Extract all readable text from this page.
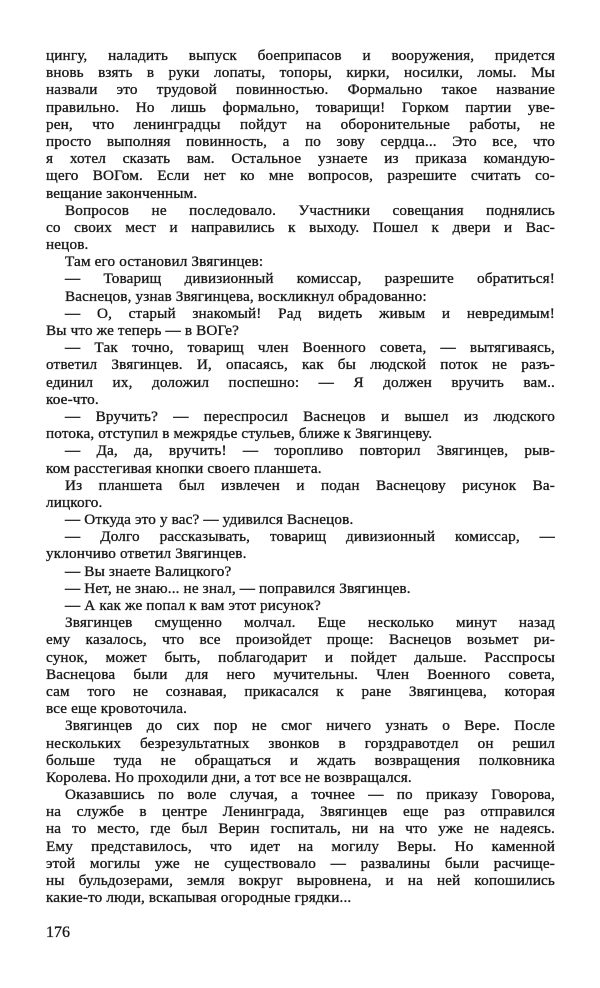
цингу, наладить выпуск боеприпасов и вооружения, придется
вновь взять в руки лопаты, топоры, кирки, носилки, ломы. Мы
назвали это трудовой повинностью. Формально такое название
правильно. Но лишь формально, товарищи! Горком партии уве-
рен, что ленинградцы пойдут на оборонительные работы, не
просто выполняя повинность, а по зову сердца... Это все, что
я хотел сказать вам. Остальное узнаете из приказа командую-
щего ВОГом. Если нет ко мне вопросов, разрешите считать со-
вещание законченным.
Вопросов не последовало. Участники совещания поднялись
со своих мест и направились к выходу. Пошел к двери и Вас-
нецов.
Там его остановил Звягинцев:
— Товарищ дивизионный комиссар, разрешите обратиться!
Васнецов, узнав Звягинцева, воскликнул обрадованно:
— О, старый знакомый! Рад видеть живым и невредимым!
Вы что же теперь — в ВОГе?
— Так точно, товарищ член Военного совета, — вытягиваясь,
ответил Звягинцев. И, опасаясь, как бы людской поток не разъ-
единил их, доложил поспешно: — Я должен вручить вам..
кое-что.
— Вручить? — переспросил Васнецов и вышел из людского
потока, отступил в межрядье стульев, ближе к Звягинцеву.
— Да, да, вручить! — торопливо повторил Звягинцев, рыв-
ком расстегивая кнопки своего планшета.
Из планшета был извлечен и подан Васнецову рисунок Ва-
лицкого.
— Откуда это у вас? — удивился Васнецов.
— Долго рассказывать, товарищ дивизионный комиссар, —
уклончиво ответил Звягинцев.
— Вы знаете Валицкого?
— Нет, не знаю... не знал, — поправился Звягинцев.
— А как же попал к вам этот рисунок?
Звягинцев смущенно молчал. Еще несколько минут назад
ему казалось, что все произойдет проще: Васнецов возьмет ри-
сунок, может быть, поблагодарит и пойдет дальше. Расспросы
Васнецова были для него мучительны. Член Военного совета,
сам того не сознавая, прикасался к ране Звягинцева, которая
все еще кровоточила.
Звягинцев до сих пор не смог ничего узнать о Вере. После
нескольких безрезультатных звонков в горздравотдел он решил
больше туда не обращаться и ждать возвращения полковника
Королева. Но проходили дни, а тот все не возвращался.
Оказавшись по воле случая, а точнее — по приказу Говорова,
на службе в центре Ленинграда, Звягинцев еще раз отправился
на то место, где был Верин госпиталь, ни на что уже не надеясь.
Ему представилось, что идет на могилу Веры. Но каменной
этой могилы уже не существовало — развалины были расчище-
ны бульдозерами, земля вокруг выровнена, и на ней копошились
какие-то люди, вскапывая огородные грядки...
176
